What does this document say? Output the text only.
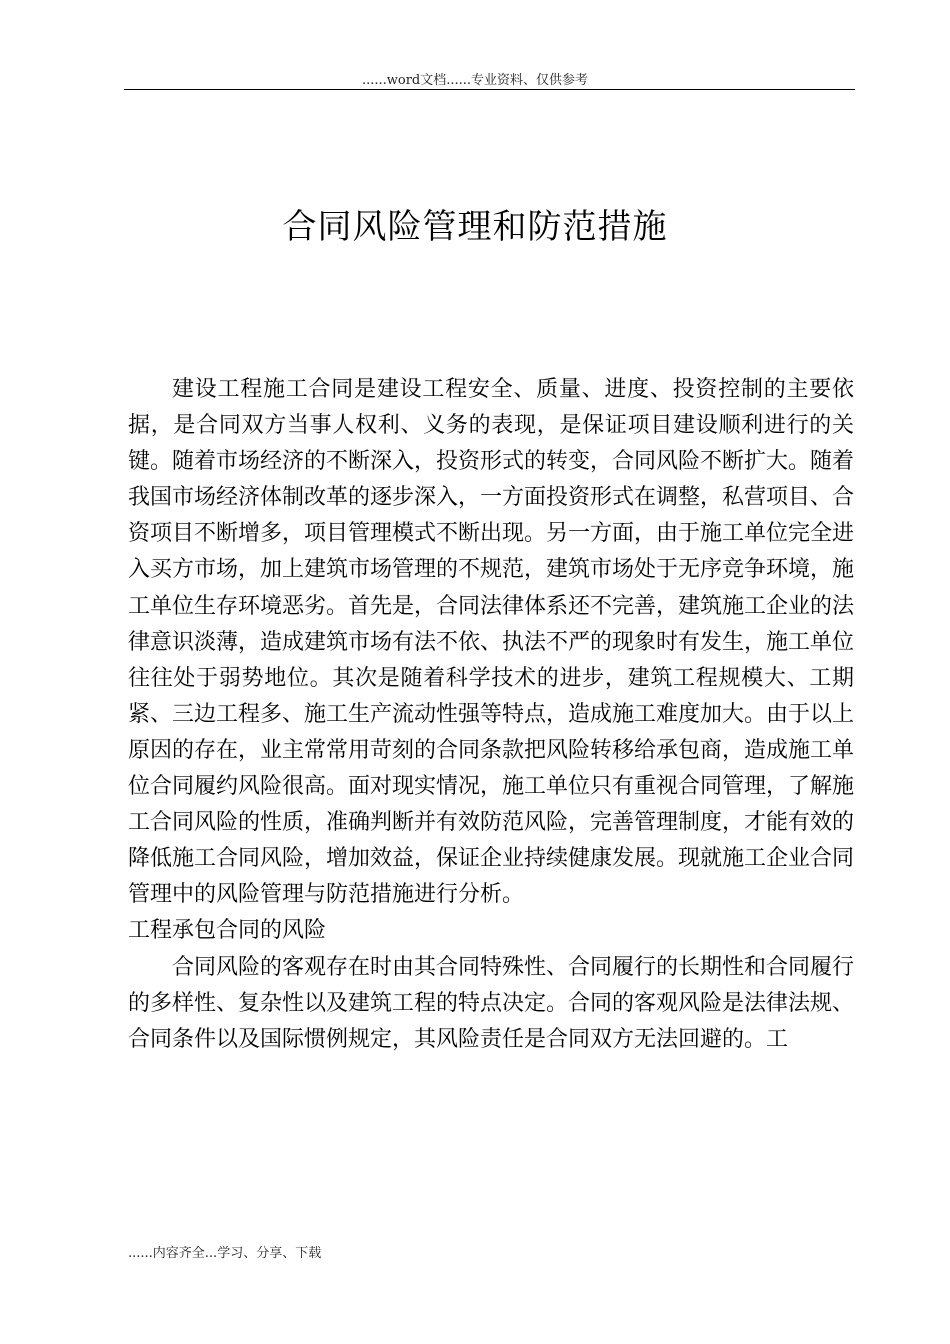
......word文档......专业资料、仅供参考
合同风险管理和防范措施

建设工程施工合同是建设工程安全、质量、进度、投资控制的主要依据，是合同双方当事人权利、义务的表现，是保证项目建设顺利进行的关键。随着市场经济的不断深入，投资形式的转变，合同风险不断扩大。随着我国市场经济体制改革的逐步深入，一方面投资形式在调整，私营项目、合资项目不断增多，项目管理模式不断出现。另一方面，由于施工单位完全进入买方市场，加上建筑市场管理的不规范，建筑市场处于无序竞争环境，施工单位生存环境恶劣。首先是，合同法律体系还不完善，建筑施工企业的法律意识淡薄，造成建筑市场有法不依、执法不严的现象时有发生，施工单位往往处于弱势地位。其次是随着科学技术的进步，建筑工程规模大、工期紧、三边工程多、施工生产流动性强等特点，造成施工难度加大。由于以上原因的存在，业主常常用苛刻的合同条款把风险转移给承包商，造成施工单位合同履约风险很高。面对现实情况，施工单位只有重视合同管理，了解施工合同风险的性质，准确判断并有效防范风险，完善管理制度，才能有效的降低施工合同风险，增加效益，保证企业持续健康发展。现就施工企业合同管理中的风险管理与防范措施进行分析。

工程承包合同的风险

合同风险的客观存在时由其合同特殊性、合同履行的长期性和合同履行的多样性、复杂性以及建筑工程的特点决定。合同的客观风险是法律法规、合同条件以及国际惯例规定，其风险责任是合同双方无法回避的。工

......内容齐全...学习、分享、下载
